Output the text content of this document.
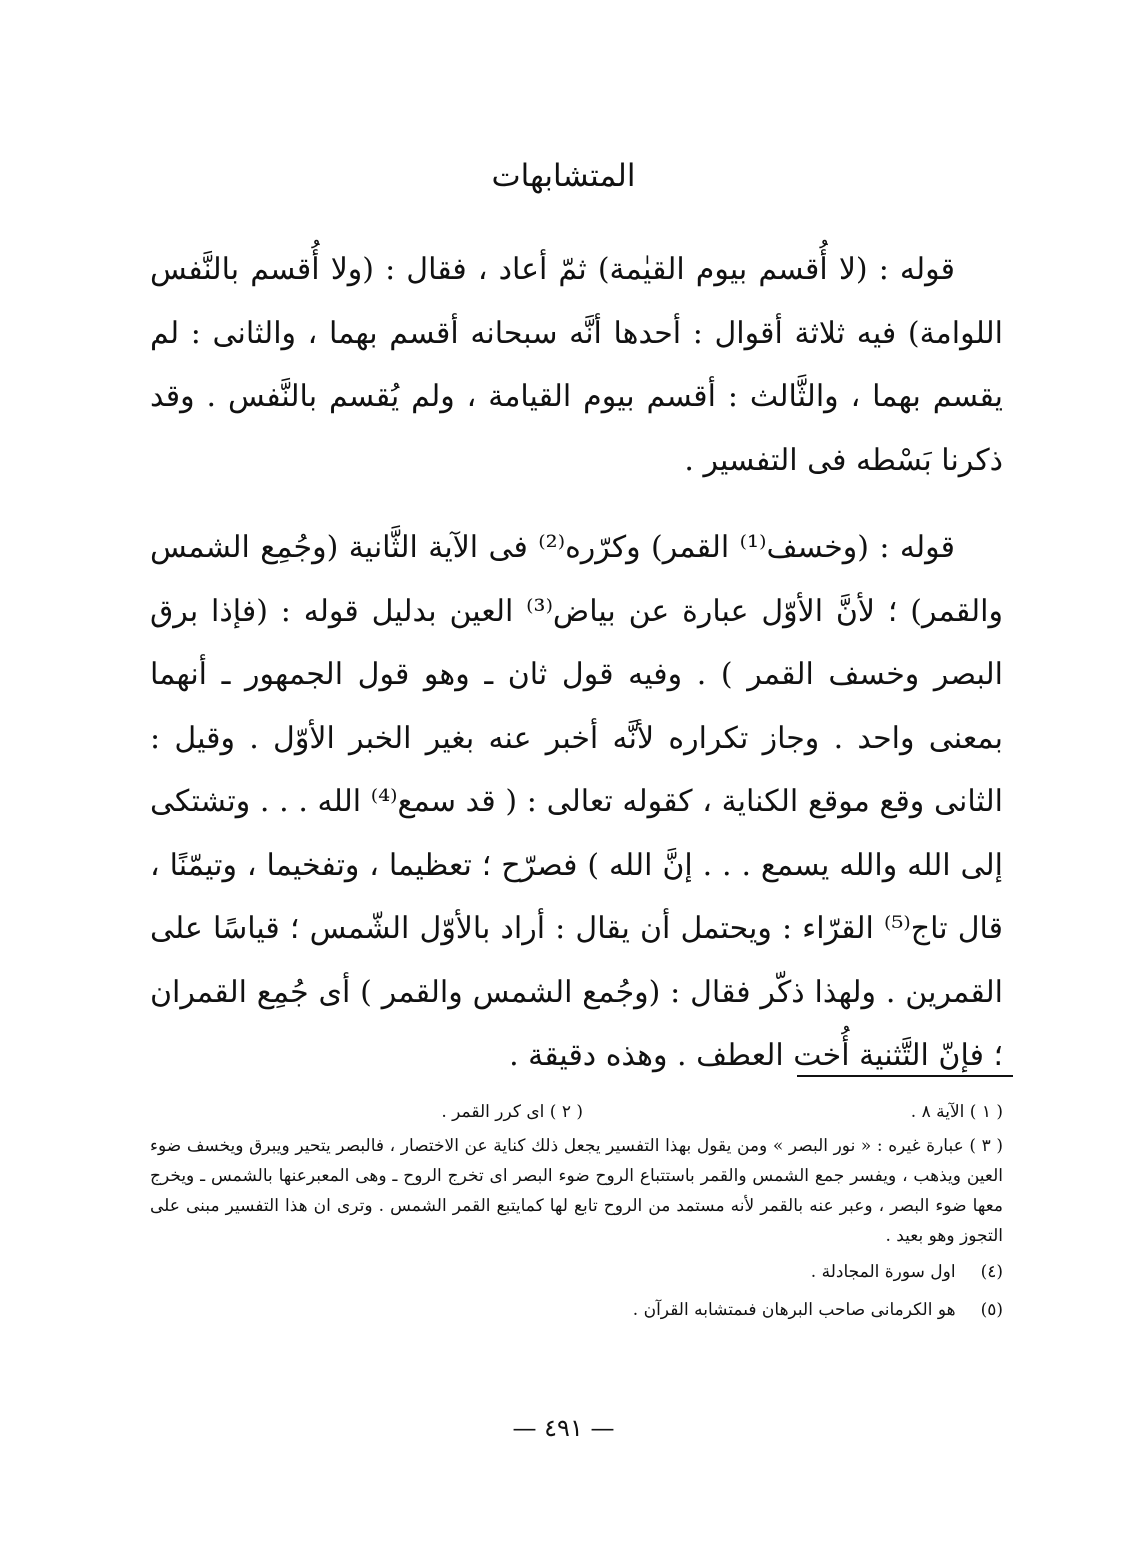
المتشابهات

قوله : (لا أُقسم بيوم القيٰمة) ثمّ أعاد ، فقال : (ولا أُقسم بالنَّفس اللوامة) فيه ثلاثة أقوال : أحدها أنَّه سبحانه أقسم بهما ، والثانى : لم يقسم بهما ، والثَّالث : أقسم بيوم القيامة ، ولم يُقسم بالنَّفس . وقد ذكرنا بَسْطه فى التفسير .

قوله : (وخسف⁽¹⁾ القمر) وكرّره⁽²⁾ فى الآية الثَّانية (وجُمِع الشمس والقمر) ؛ لأنَّ الأوّل عبارة عن بياض⁽³⁾ العين بدليل قوله : (فإذا برق البصر وخسف القمر ) . وفيه قول ثان ـ وهو قول الجمهور ـ أنهما بمعنى واحد . وجاز تكراره لأنَّه أخبر عنه بغير الخبر الأوّل . وقيل : الثانى وقع موقع الكناية ، كقوله تعالى : ( قد سمع⁽⁴⁾ الله . . . وتشتكى إلى الله والله يسمع . . . إنَّ الله ) فصرّح ؛ تعظيما ، وتفخيما ، وتيمّنًا ، قال تاج⁽⁵⁾ القرّاء : ويحتمل أن يقال : أراد بالأوّل الشّمس ؛ قياسًا على القمرين . ولهذا ذكّر فقال : (وجُمع الشمس والقمر ) أى جُمِع القمران ؛ فإنّ التَّثنية أُخت العطف . وهذه دقيقة .

( ١ ) الآية ٨ .
( ٢ ) اى كرر القمر .

( ٣ ) عبارة غيره : « نور البصر » ومن يقول بهذا التفسير يجعل ذلك كناية عن الاختصار ، فالبصر يتحير ويبرق ويخسف ضوء العين ويذهب ، ويفسر جمع الشمس والقمر باستتباع الروح ضوء البصر اى تخرج الروح ـ وهى المعبرعنها بالشمس ـ ويخرج معها ضوء البصر ، وعبر عنه بالقمر لأنه مستمد من الروح تابع لها كمايتبع القمر الشمس . وترى ان هذا التفسير مبنى على التجوز وهو بعيد .

(٤) اول سورة المجادلة .
(٥) هو الكرمانى صاحب البرهان فىمتشابه القرآن .
— ٤٩١ —
